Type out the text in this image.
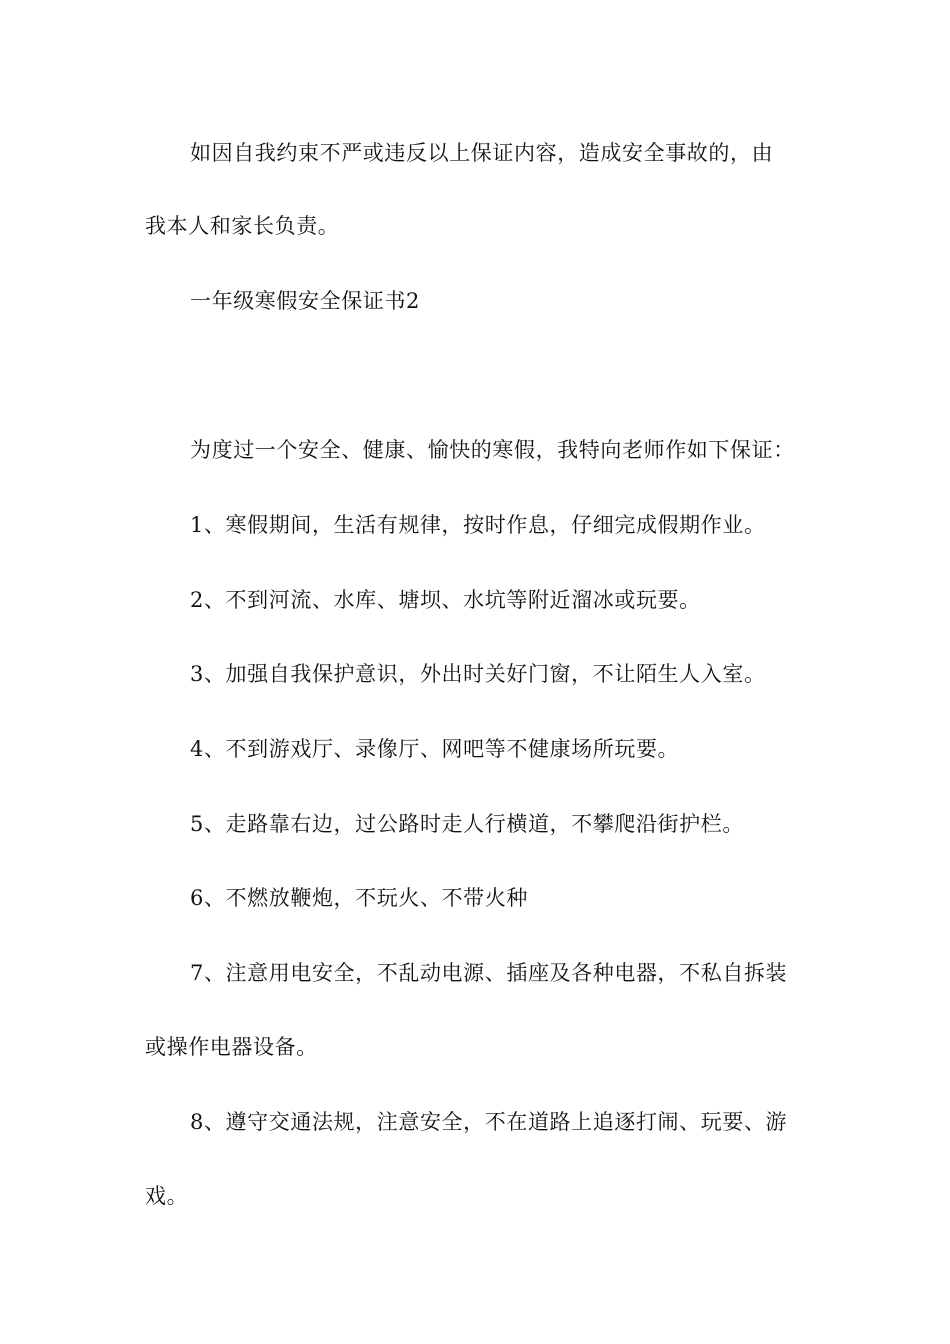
如因自我约束不严或违反以上保证内容，造成安全事故的，由
我本人和家长负责。
一年级寒假安全保证书2
为度过一个安全、健康、愉快的寒假，我特向老师作如下保证：
1、寒假期间，生活有规律，按时作息，仔细完成假期作业。
2、不到河流、水库、塘坝、水坑等附近溜冰或玩要。
3、加强自我保护意识，外出时关好门窗，不让陌生人入室。
4、不到游戏厅、录像厅、网吧等不健康场所玩要。
5、走路靠右边，过公路时走人行横道，不攀爬沿街护栏。
6、不燃放鞭炮，不玩火、不带火种
7、注意用电安全，不乱动电源、插座及各种电器，不私自拆装
或操作电器设备。
8、遵守交通法规，注意安全，不在道路上追逐打闹、玩要、游
戏。
